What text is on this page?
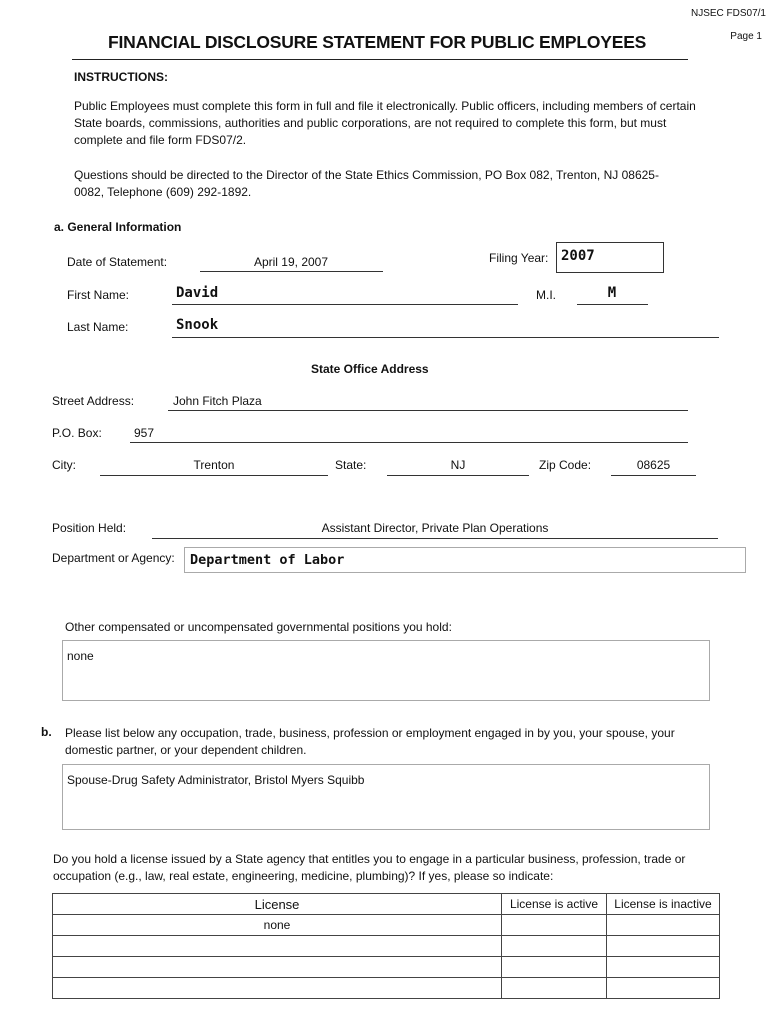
NJSEC FDS07/1
Page 1
FINANCIAL DISCLOSURE STATEMENT FOR PUBLIC EMPLOYEES
INSTRUCTIONS:
Public Employees must complete this form in full and file it electronically. Public officers, including members of certain State boards, commissions, authorities and public corporations, are not required to complete this form, but must complete and file form FDS07/2.
Questions should be directed to the Director of the State Ethics Commission, PO Box 082, Trenton, NJ 08625-0082, Telephone (609) 292-1892.
a. General Information
Date of Statement:	April 19, 2007	Filing Year: 2007
First Name:	David	M.I.	M
Last Name:	Snook
State Office Address
Street Address:	John Fitch Plaza
P.O. Box:	957
City:	Trenton	State:	NJ	Zip Code:	08625
Position Held:	Assistant Director, Private Plan Operations
Department or Agency: Department of Labor
Other compensated or uncompensated governmental positions you hold:
none
b. Please list below any occupation, trade, business, profession or employment engaged in by you, your spouse, your domestic partner, or your dependent children.
Spouse-Drug Safety Administrator, Bristol Myers Squibb
Do you hold a license issued by a State agency that entitles you to engage in a particular business, profession, trade or occupation (e.g., law, real estate, engineering, medicine, plumbing)? If yes, please so indicate:
License	License is active	License is inactive
none		
